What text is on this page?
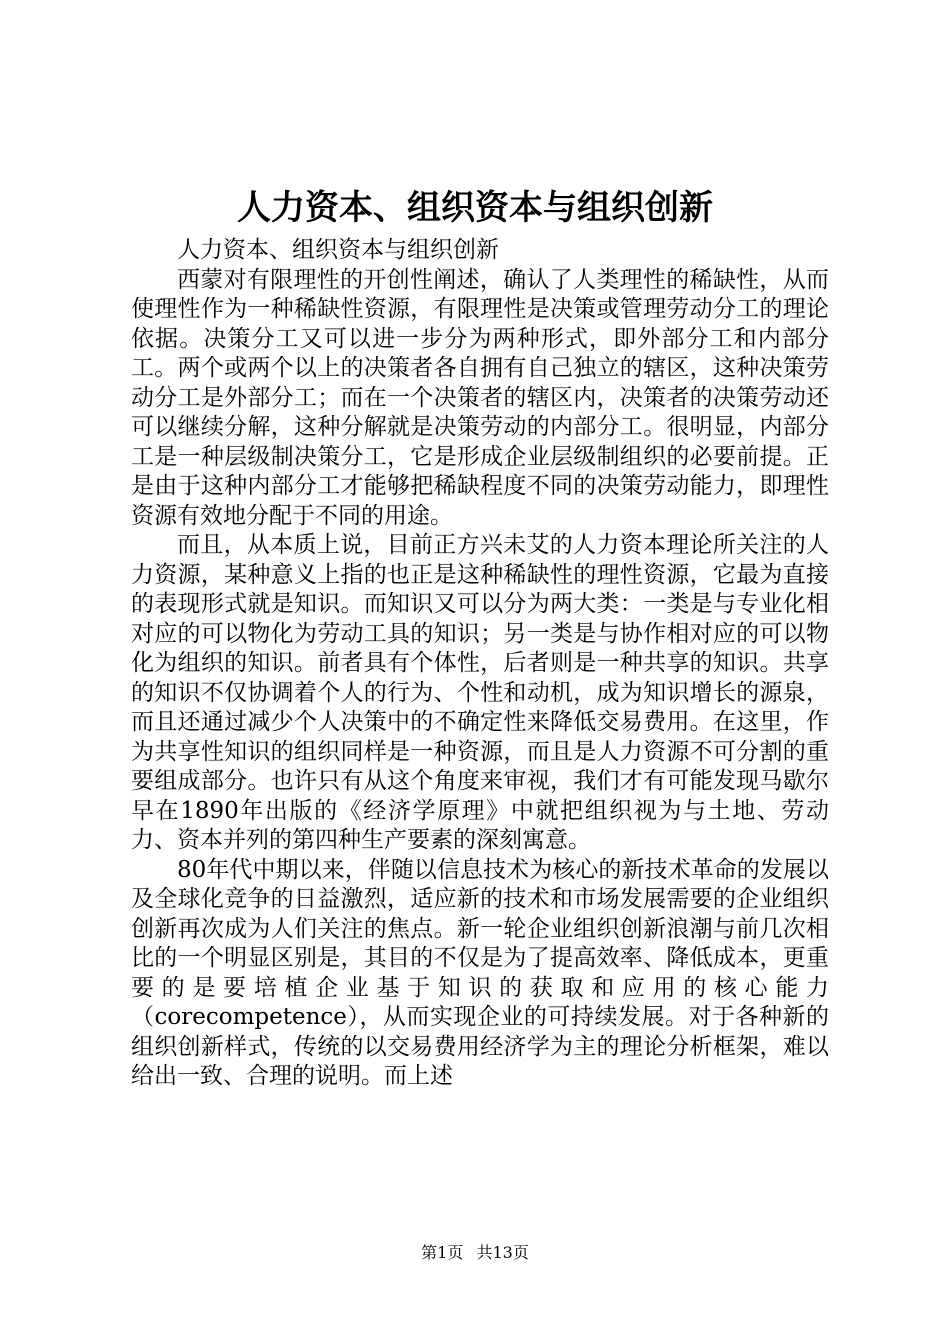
人力资本、组织资本与组织创新

人力资本、组织资本与组织创新

西蒙对有限理性的开创性阐述，确认了人类理性的稀缺性，从而使理性作为一种稀缺性资源，有限理性是决策或管理劳动分工的理论依据。决策分工又可以进一步分为两种形式，即外部分工和内部分工。两个或两个以上的决策者各自拥有自己独立的辖区，这种决策劳动分工是外部分工；而在一个决策者的辖区内，决策者的决策劳动还可以继续分解，这种分解就是决策劳动的内部分工。很明显，内部分工是一种层级制决策分工，它是形成企业层级制组织的必要前提。正是由于这种内部分工才能够把稀缺程度不同的决策劳动能力，即理性资源有效地分配于不同的用途。

而且，从本质上说，目前正方兴未艾的人力资本理论所关注的人力资源，某种意义上指的也正是这种稀缺性的理性资源，它最为直接的表现形式就是知识。而知识又可以分为两大类：一类是与专业化相对应的可以物化为劳动工具的知识；另一类是与协作相对应的可以物化为组织的知识。前者具有个体性，后者则是一种共享的知识。共享的知识不仅协调着个人的行为、个性和动机，成为知识增长的源泉，而且还通过减少个人决策中的不确定性来降低交易费用。在这里，作为共享性知识的组织同样是一种资源，而且是人力资源不可分割的重要组成部分。也许只有从这个角度来审视，我们才有可能发现马歇尔早在1890年出版的《经济学原理》中就把组织视为与土地、劳动力、资本并列的第四种生产要素的深刻寓意。

80年代中期以来，伴随以信息技术为核心的新技术革命的发展以及全球化竞争的日益激烈，适应新的技术和市场发展需要的企业组织创新再次成为人们关注的焦点。新一轮企业组织创新浪潮与前几次相比的一个明显区别是，其目的不仅是为了提高效率、降低成本，更重要的是要培植企业基于知识的获取和应用的核心能力（corecompetence），从而实现企业的可持续发展。对于各种新的组织创新样式，传统的以交易费用经济学为主的理论分析框架，难以给出一致、合理的说明。而上述

第1页 共13页
